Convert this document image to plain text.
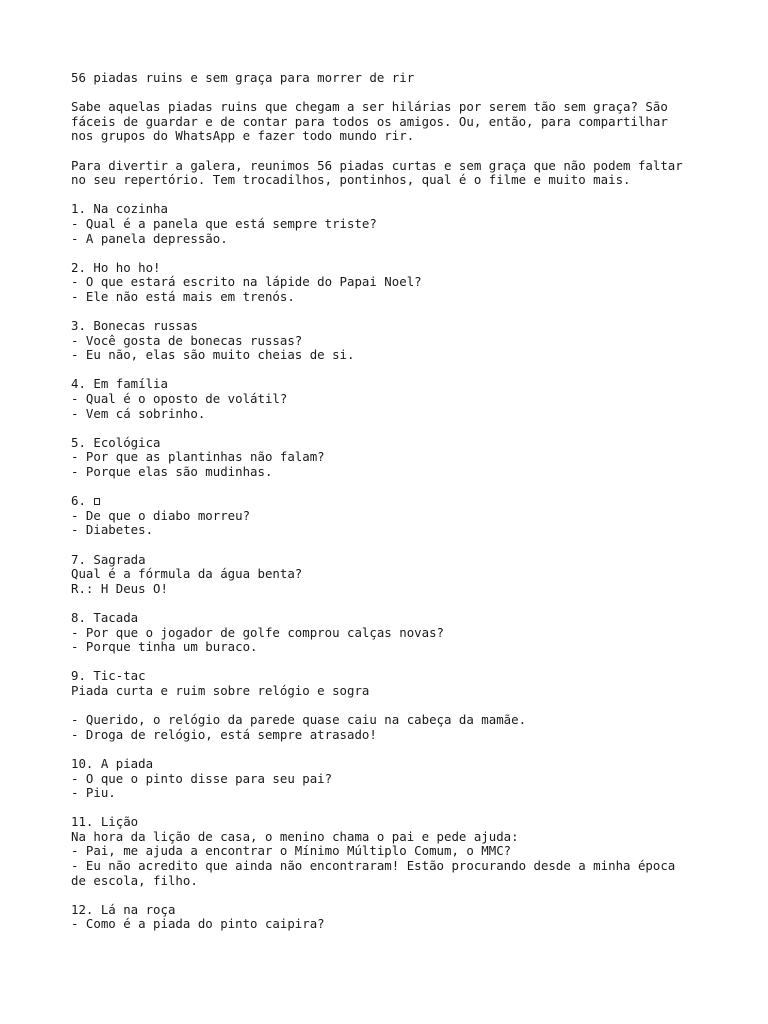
56 piadas ruins e sem graça para morrer de rir
Sabe aquelas piadas ruins que chegam a ser hilárias por serem tão sem graça? São
fáceis de guardar e de contar para todos os amigos. Ou, então, para compartilhar
nos grupos do WhatsApp e fazer todo mundo rir.
Para divertir a galera, reunimos 56 piadas curtas e sem graça que não podem faltar
no seu repertório. Tem trocadilhos, pontinhos, qual é o filme e muito mais.
1. Na cozinha
- Qual é a panela que está sempre triste?
- A panela depressão.
2. Ho ho ho!
- O que estará escrito na lápide do Papai Noel?
- Ele não está mais em trenós.
3. Bonecas russas
- Você gosta de bonecas russas?
- Eu não, elas são muito cheias de si.
4. Em família
- Qual é o oposto de volátil?
- Vem cá sobrinho.
5. Ecológica
- Por que as plantinhas não falam?
- Porque elas são mudinhas.
6.
- De que o diabo morreu?
- Diabetes.
7. Sagrada
Qual é a fórmula da água benta?
R.: H Deus O!
8. Tacada
- Por que o jogador de golfe comprou calças novas?
- Porque tinha um buraco.
9. Tic-tac
Piada curta e ruim sobre relógio e sogra
- Querido, o relógio da parede quase caiu na cabeça da mamãe.
- Droga de relógio, está sempre atrasado!
10. A piada
- O que o pinto disse para seu pai?
- Piu.
11. Lição
Na hora da lição de casa, o menino chama o pai e pede ajuda:
- Pai, me ajuda a encontrar o Mínimo Múltiplo Comum, o MMC?
- Eu não acredito que ainda não encontraram! Estão procurando desde a minha época
de escola, filho.
12. Lá na roça
- Como é a piada do pinto caipira?
